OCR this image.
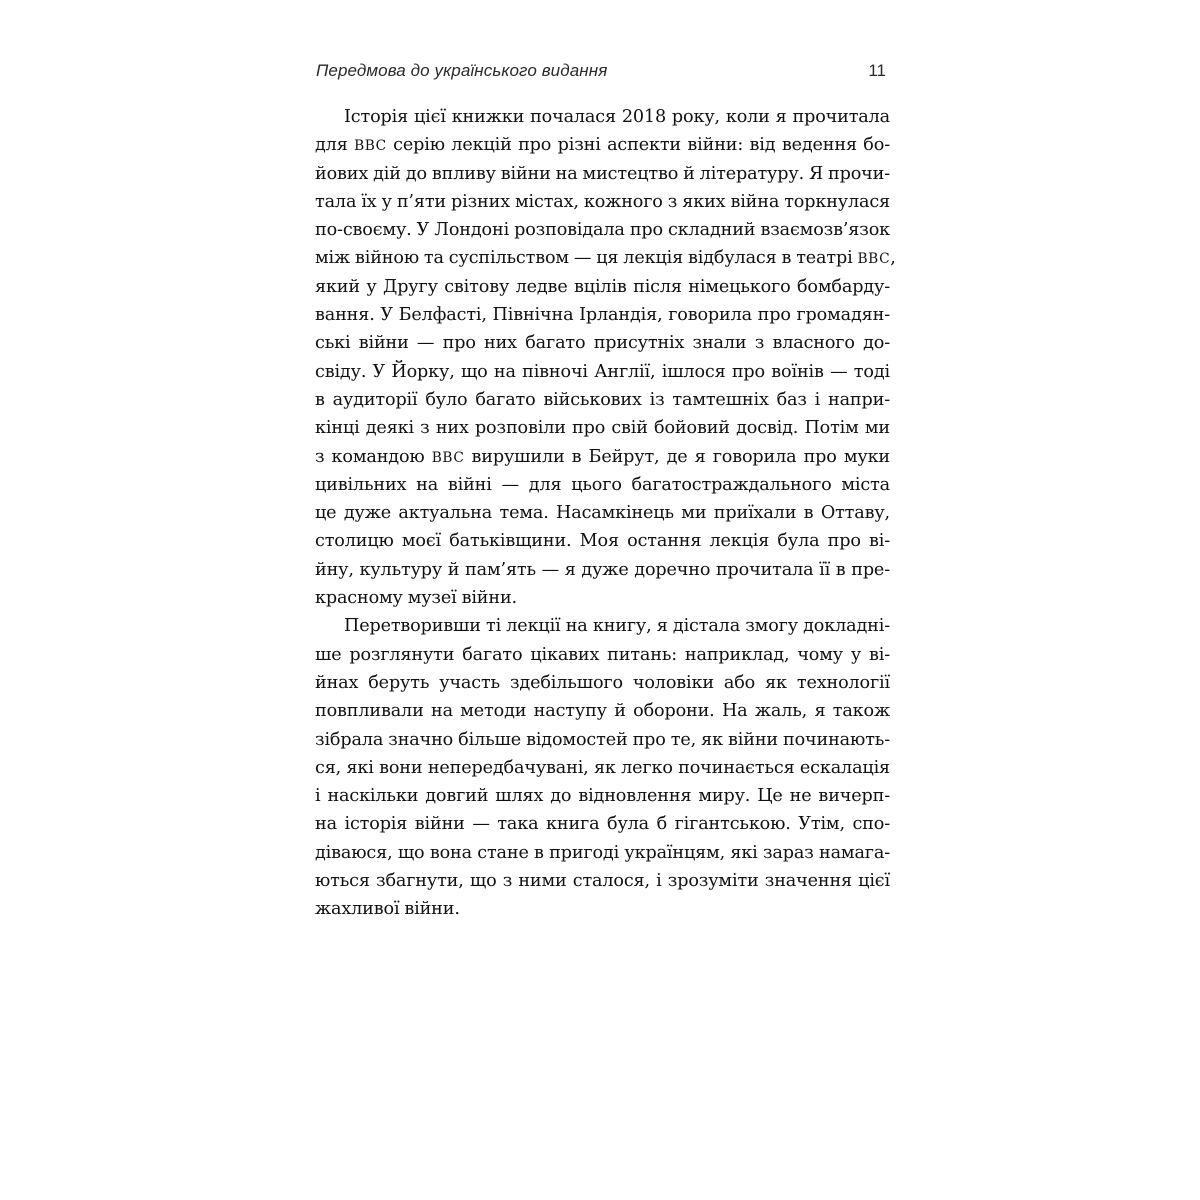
Передмова до українського видання	11
Історія цієї книжки почалася 2018 року, коли я прочитала
для BBC серію лекцій про різні аспекти війни: від ведення бо-
йових дій до впливу війни на мистецтво й літературу. Я прочи-
тала їх у п’яти різних містах, кожного з яких війна торкнулася
по-своєму. У Лондоні розповідала про складний взаємозв’язок
між війною та суспільством — ця лекція відбулася в театрі BBC,
який у Другу світову ледве вцілів після німецького бомбарду-
вання. У Белфасті, Північна Ірландія, говорила про громадян-
ські війни — про них багато присутніх знали з власного до-
свіду. У Йорку, що на півночі Англії, ішлося про воїнів — тоді
в аудиторії було багато військових із тамтешніх баз і напри-
кінці деякі з них розповіли про свій бойовий досвід. Потім ми
з командою BBC вирушили в Бейрут, де я говорила про муки
цивільних на війні — для цього багатостраждального міста
це дуже актуальна тема. Насамкінець ми приїхали в Оттаву,
столицю моєї батьківщини. Моя остання лекція була про ві-
йну, культуру й пам’ять — я дуже доречно прочитала її в пре-
красному музеї війни.
Перетворивши ті лекції на книгу, я дістала змогу докладні-
ше розглянути багато цікавих питань: наприклад, чому у ві-
йнах беруть участь здебільшого чоловіки або як технології
повпливали на методи наступу й оборони. На жаль, я також
зібрала значно більше відомостей про те, як війни починають-
ся, які вони непередбачувані, як легко починається ескалація
і наскільки довгий шлях до відновлення миру. Це не вичерп-
на історія війни — така книга була б гігантською. Утім, спо-
діваюся, що вона стане в пригоді українцям, які зараз намага-
ються збагнути, що з ними сталося, і зрозуміти значення цієї
жахливої війни.
